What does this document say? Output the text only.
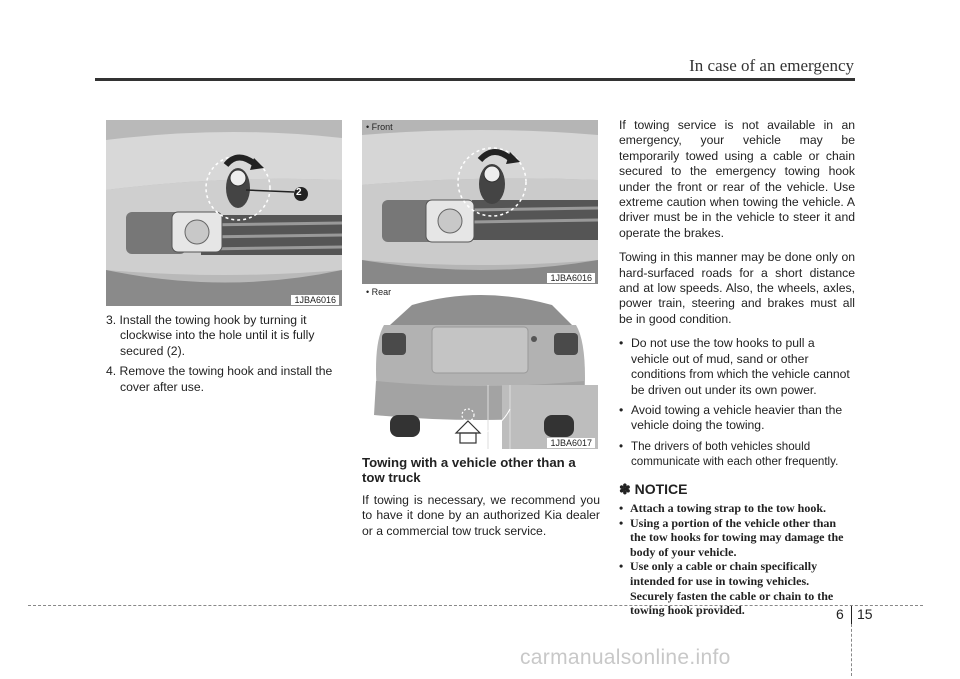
In case of an emergency
2
1JBA6016
3. Install the towing hook by turning it clockwise into the hole until it is fully secured (2).
4. Remove the towing hook and install the cover after use.
• Front
1JBA6016
• Rear
1JBA6017
Towing with a vehicle other than a tow truck

If towing is necessary, we recommend you to have it done by an authorized Kia dealer or a commercial tow truck service.

If towing service is not available in an emergency, your vehicle may be temporarily towed using a cable or chain secured to the emergency towing hook under the front or rear of the vehicle. Use extreme caution when towing the vehicle. A driver must be in the vehicle to steer it and operate the brakes.

Towing in this manner may be done only on hard-surfaced roads for a short distance and at low speeds. Also, the wheels, axles, power train, steering and brakes must all be in good condition.

• Do not use the tow hooks to pull a vehicle out of mud, sand or other conditions from which the vehicle cannot be driven out under its own power.
• Avoid towing a vehicle heavier than the vehicle doing the towing.
• The drivers of both vehicles should communicate with each other frequently.
✽ NOTICE
• Attach a towing strap to the tow hook.
• Using a portion of the vehicle other than the tow hooks for towing may damage the body of your vehicle.
• Use only a cable or chain specifically intended for use in towing vehicles. Securely fasten the cable or chain to the towing hook provided.	6 15
carmanualsonline.info
